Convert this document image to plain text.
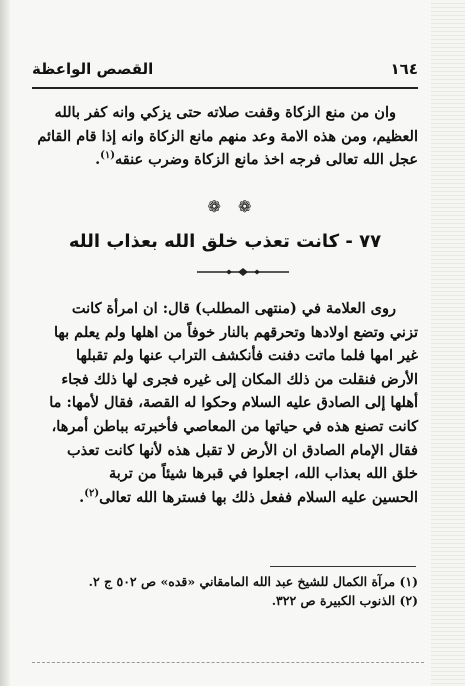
١٦٤
القصص الواعظة
وان من منع الزكاة وقفت صلاته حتى يزكي وانه كفر بالله
العظيم، ومن هذه الامة وعد منهم مانع الزكاة وانه إذا قام القائم
عجل الله تعالى فرجه اخذ مانع الزكاة وضرب عنقه$^{(١)}$.
❁ ❁
٧٧ - كانت تعذب خلق الله بعذاب الله
روى العلامة في (منتهى المطلب) قال: ان امرأة كانت
تزني وتضع اولادها وتحرقهم بالنار خوفاً من اهلها ولم يعلم بها
غير امها فلما ماتت دفنت فأنكشف التراب عنها ولم تقبلها
الأرض فنقلت من ذلك المكان إلى غيره فجرى لها ذلك فجاء
أهلها إلى الصادق عليه السلام وحكوا له القصة، فقال لأمها: ما
كانت تصنع هذه في حياتها من المعاصي فأخبرته بباطن أمرها،
فقال الإمام الصادق ان الأرض لا تقبل هذه لأنها كانت تعذب
خلق الله بعذاب الله، اجعلوا في قبرها شيئاً من تربة
الحسين عليه السلام ففعل ذلك بها فسترها الله تعالى$^{(٢)}$.
(١) مرآة الكمال للشيخ عبد الله المامقاني «قده» ص ٥٠٢ ج ٢.
(٢) الذنوب الكبيرة ص ٣٢٢.
